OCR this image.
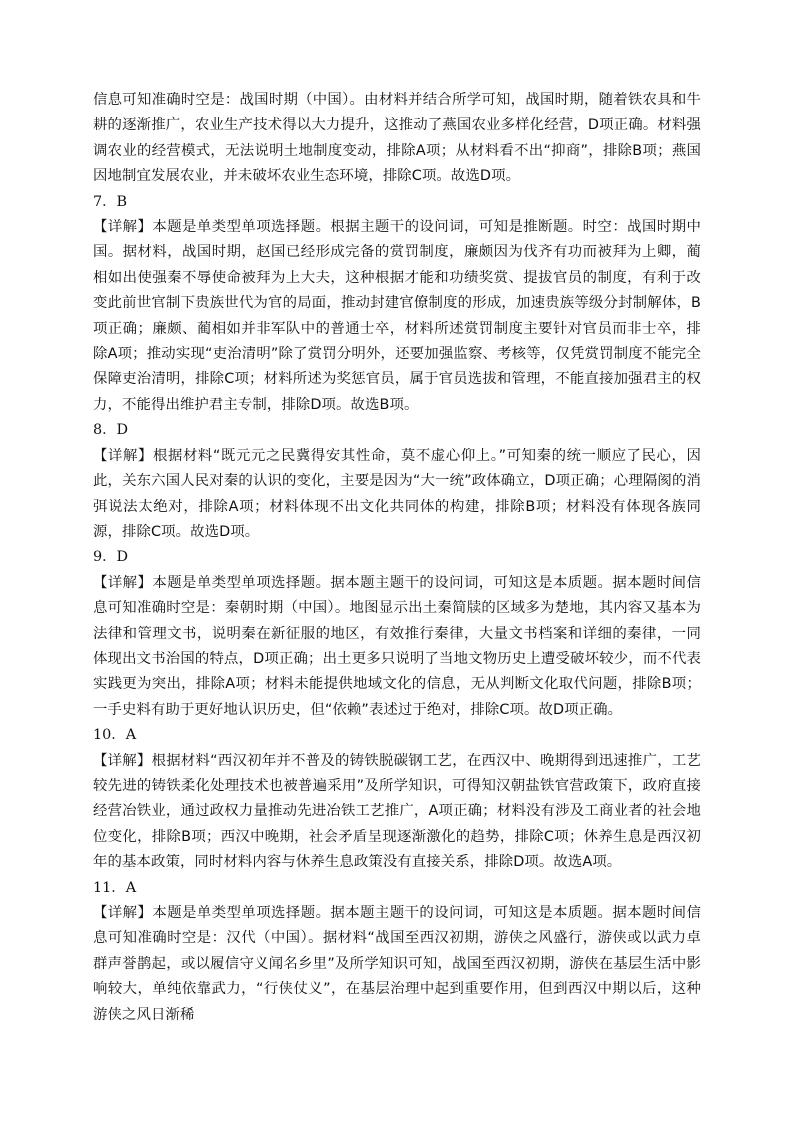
信息可知准确时空是：战国时期（中国）。由材料并结合所学可知，战国时期，随着铁农具和牛耕的逐渐推广，农业生产技术得以大力提升，这推动了燕国农业多样化经营，D项正确。材料强调农业的经营模式，无法说明土地制度变动，排除A项；从材料看不出“抑商”，排除B项；燕国因地制宜发展农业，并未破坏农业生态环境，排除C项。故选D项。

7．B

【详解】本题是单类型单项选择题。根据主题干的设问词，可知是推断题。时空：战国时期中国。据材料，战国时期，赵国已经形成完备的赏罚制度，廉颇因为伐齐有功而被拜为上卿，蔺相如出使强秦不辱使命被拜为上大夫，这种根据才能和功绩奖赏、提拔官员的制度，有利于改变此前世官制下贵族世代为官的局面，推动封建官僚制度的形成，加速贵族等级分封制解体，B项正确；廉颇、蔺相如并非军队中的普通士卒，材料所述赏罚制度主要针对官员而非士卒，排除A项；推动实现“吏治清明”除了赏罚分明外，还要加强监察、考核等，仅凭赏罚制度不能完全保障吏治清明，排除C项；材料所述为奖惩官员，属于官员选拔和管理，不能直接加强君主的权力，不能得出维护君主专制，排除D项。故选B项。

8．D

【详解】根据材料“既元元之民冀得安其性命，莫不虚心仰上。”可知秦的统一顺应了民心，因此，关东六国人民对秦的认识的变化，主要是因为“大一统”政体确立，D项正确；心理隔阂的消弭说法太绝对，排除A项；材料体现不出文化共同体的构建，排除B项；材料没有体现各族同源，排除C项。故选D项。

9．D

【详解】本题是单类型单项选择题。据本题主题干的设问词，可知这是本质题。据本题时间信息可知准确时空是：秦朝时期（中国）。地图显示出土秦简牍的区域多为楚地，其内容又基本为法律和管理文书，说明秦在新征服的地区，有效推行秦律，大量文书档案和详细的秦律，一同体现出文书治国的特点，D项正确；出土更多只说明了当地文物历史上遭受破坏较少，而不代表实践更为突出，排除A项；材料未能提供地域文化的信息，无从判断文化取代问题，排除B项；一手史料有助于更好地认识历史，但“依赖”表述过于绝对，排除C项。故D项正确。

10．A

【详解】根据材料“西汉初年并不普及的铸铁脱碳钢工艺，在西汉中、晚期得到迅速推广，工艺较先进的铸铁柔化处理技术也被普遍采用”及所学知识，可得知汉朝盐铁官营政策下，政府直接经营冶铁业，通过政权力量推动先进冶铁工艺推广，A项正确；材料没有涉及工商业者的社会地位变化，排除B项；西汉中晚期，社会矛盾呈现逐渐激化的趋势，排除C项；休养生息是西汉初年的基本政策，同时材料内容与休养生息政策没有直接关系，排除D项。故选A项。

11．A

【详解】本题是单类型单项选择题。据本题主题干的设问词，可知这是本质题。据本题时间信息可知准确时空是：汉代（中国）。据材料“战国至西汉初期，游侠之风盛行，游侠或以武力卓群声誉鹊起，或以履信守义闻名乡里”及所学知识可知，战国至西汉初期，游侠在基层生活中影响较大，单纯依靠武力，“行侠仗义”，在基层治理中起到重要作用，但到西汉中期以后，这种游侠之风日渐稀
